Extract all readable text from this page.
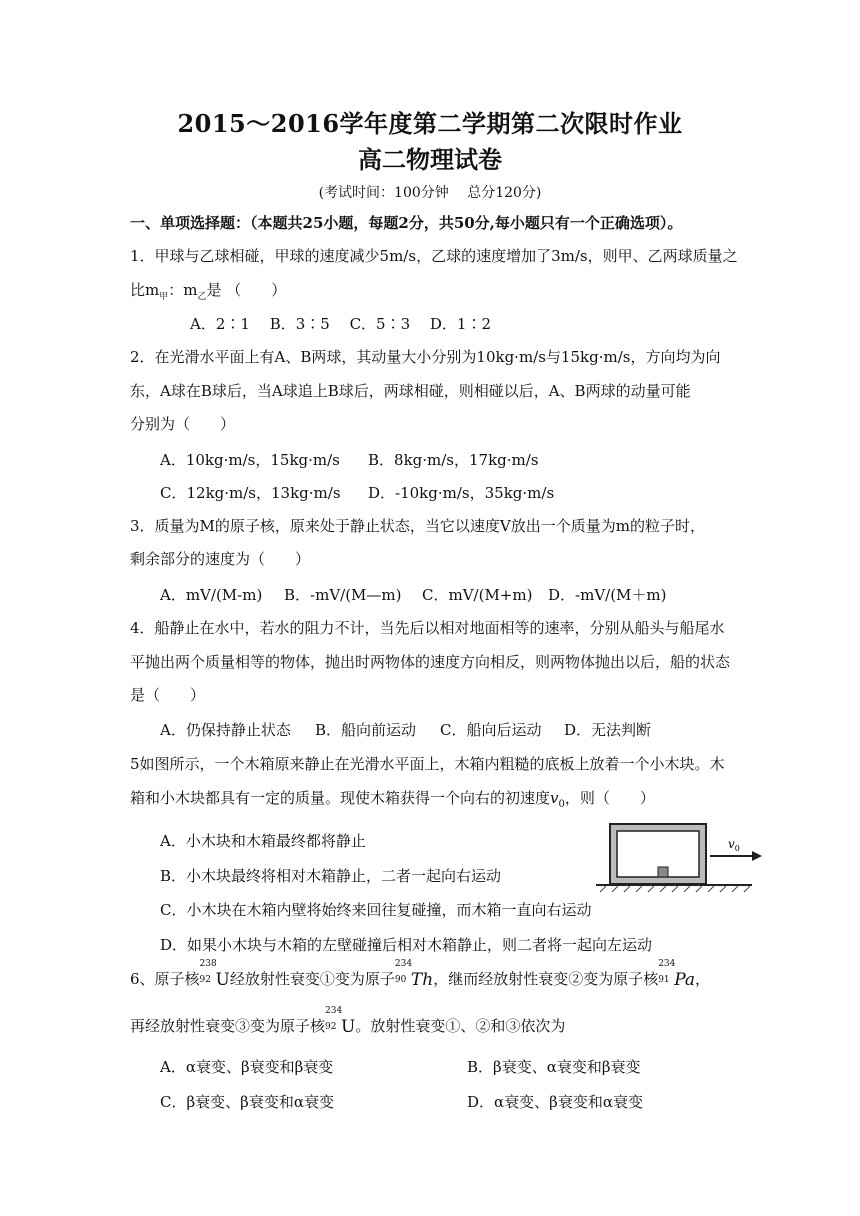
2015～2016学年度第二学期第二次限时作业
高二物理试卷
(考试时间：100分钟 　总分120分)
一、单项选择题：（本题共25小题，每题2分，共50分,每小题只有一个正确选项）。
1．甲球与乙球相碰，甲球的速度减少5m/s，乙球的速度增加了3m/s，则甲、乙两球质量之
比$m_甲$：$m_乙$是 （　　）
A．2∶1　 B．3∶5　 C．5∶3　 D．1∶2
2．在光滑水平面上有A、B两球，其动量大小分别为10kg·m/s与15kg·m/s，方向均为向
东，A球在B球后，当A球追上B球后，两球相碰，则相碰以后，A、B两球的动量可能
分别为（　　）
A．10kg·m/s，15kg·m/s B．8kg·m/s，17kg·m/s
C．12kg·m/s，13kg·m/s D．-10kg·m/s，35kg·m/s
3．质量为M的原子核，原来处于静止状态，当它以速度V放出一个质量为m的粒子时，
剩余部分的速度为（　　）
A．mV/(M-m) B．-mV/(M—m) C．mV/(M+m) D．-mV/(M＋m)
4．船静止在水中，若水的阻力不计，当先后以相对地面相等的速率，分别从船头与船尾水
平抛出两个质量相等的物体，抛出时两物体的速度方向相反，则两物体抛出以后，船的状态
是（　　）
A．仍保持静止状态 B．船向前运动 C．船向后运动 D．无法判断
5如图所示，一个木箱原来静止在光滑水平面上，木箱内粗糙的底板上放着一个小木块。木
箱和小木块都具有一定的质量。现使木箱获得一个向右的初速度$v_0$，则（　　）
A．小木块和木箱最终都将静止
B．小木块最终将相对木箱静止，二者一起向右运动
C．小木块在木箱内壁将始终来回往复碰撞，而木箱一直向右运动
D．如果小木块与木箱的左壁碰撞后相对木箱静止，则二者将一起向左运动
$v_0$
6、原子核
238
92 U经放射性衰变①变为原子
234
90 Th，继而经放射性衰变②变为原子核
234
91 Pa，
再经放射性衰变③变为原子核
234
92 U。放射性衰变①、②和③依次为
A．α衰变、β衰变和β衰变	B．β衰变、α衰变和β衰变
C．β衰变、β衰变和α衰变	D．α衰变、β衰变和α衰变
